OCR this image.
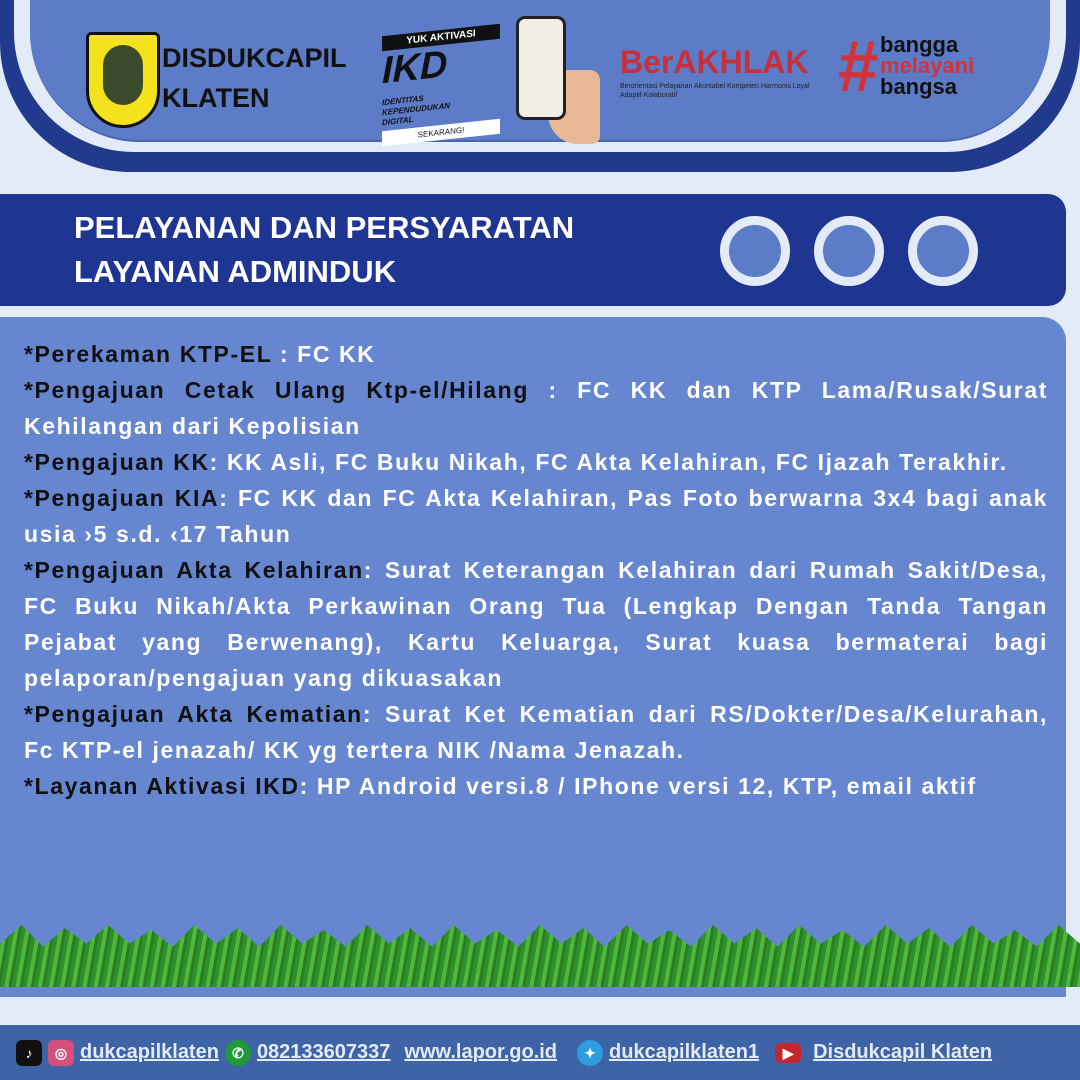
DISDUKCAPIL
KLATEN
YUK AKTIVASI
IKD IDENTITAS KEPENDUDUKAN DIGITAL
SEKARANG!
BerAKHLAK
Berorientasi Pelayanan Akuntabel Kompeten Harmonis Loyal Adaptif Kolaboratif	# bangga
melayani
bangsa
PELAYANAN DAN PERSYARATAN
LAYANAN ADMINDUK

*Perekaman KTP-EL : FC KK

*Pengajuan Cetak Ulang Ktp-el/Hilang : FC KK dan KTP Lama/Rusak/Surat Kehilangan dari Kepolisian

*Pengajuan KK: KK Asli, FC Buku Nikah, FC Akta Kelahiran, FC Ijazah Terakhir.

*Pengajuan KIA: FC KK dan FC Akta Kelahiran, Pas Foto berwarna 3x4 bagi anak usia ›5 s.d. ‹17 Tahun

*Pengajuan Akta Kelahiran: Surat Keterangan Kelahiran dari Rumah Sakit/Desa, FC Buku Nikah/Akta Perkawinan Orang Tua (Lengkap Dengan Tanda Tangan Pejabat yang Berwenang), Kartu Keluarga, Surat kuasa bermaterai bagi pelaporan/pengajuan yang dikuasakan

*Pengajuan Akta Kematian: Surat Ket Kematian dari RS/Dokter/Desa/Kelurahan, Fc KTP-el jenazah/ KK yg tertera NIK /Nama Jenazah.

*Layanan Aktivasi IKD: HP Android versi.8 / IPhone versi 12, KTP, email aktif

♪	◎ dukcapilklaten ✆ 082133607337 www.lapor.go.id	✦ dukcapilklaten1	▶ Disdukcapil Klaten
